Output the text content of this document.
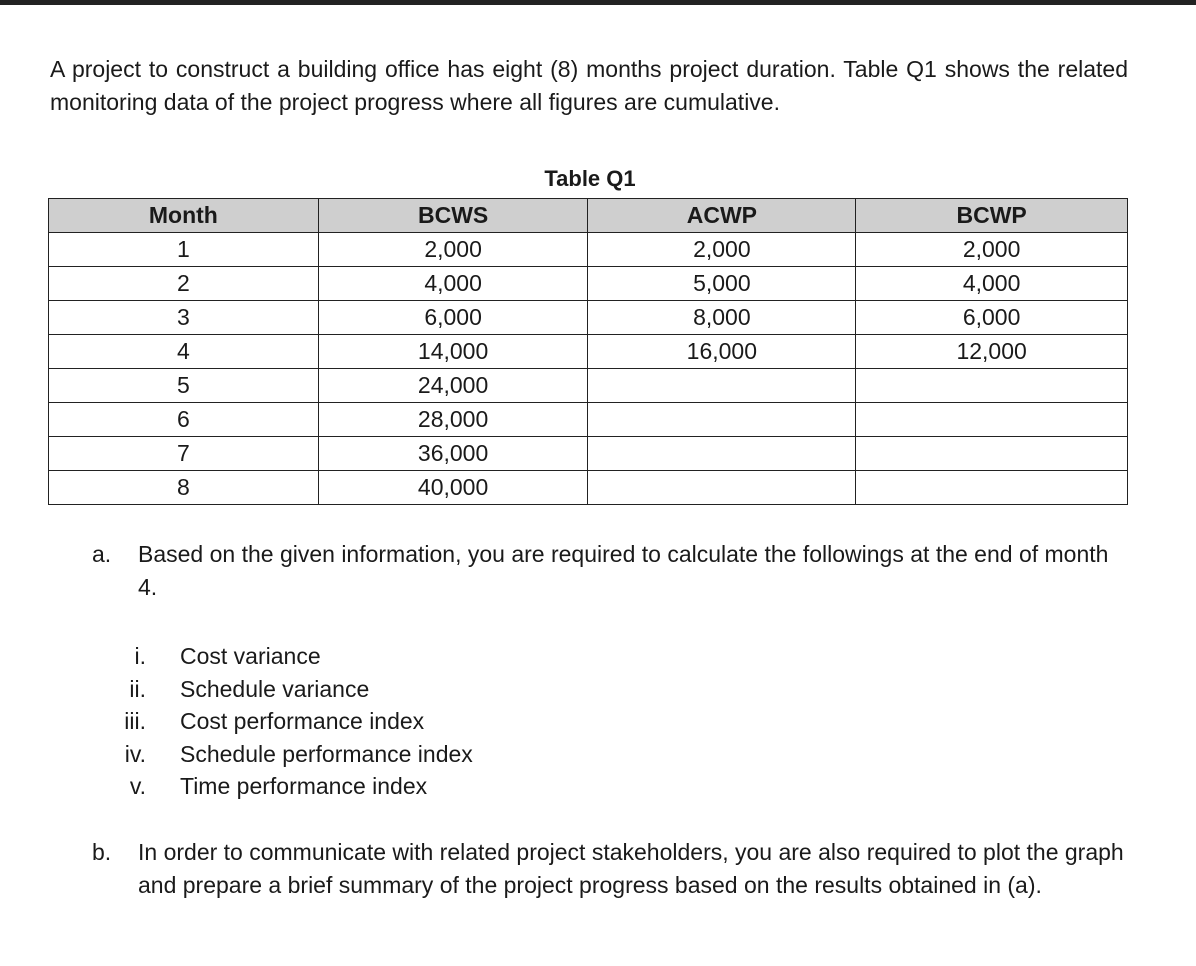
A project to construct a building office has eight (8) months project duration. Table Q1 shows the related monitoring data of the project progress where all figures are cumulative.

Table Q1
Month	BCWS	ACWP	BCWP
1	2,000	2,000	2,000
2	4,000	5,000	4,000
3	6,000	8,000	6,000
4	14,000	16,000	12,000
5	24,000		
6	28,000		
7	36,000		
8	40,000		
a. Based on the given information, you are required to calculate the followings at the end of month 4.
i. Cost variance
ii. Schedule variance
iii. Cost performance index
iv. Schedule performance index
v. Time performance index
b. In order to communicate with related project stakeholders, you are also required to plot the graph and prepare a brief summary of the project progress based on the results obtained in (a).
